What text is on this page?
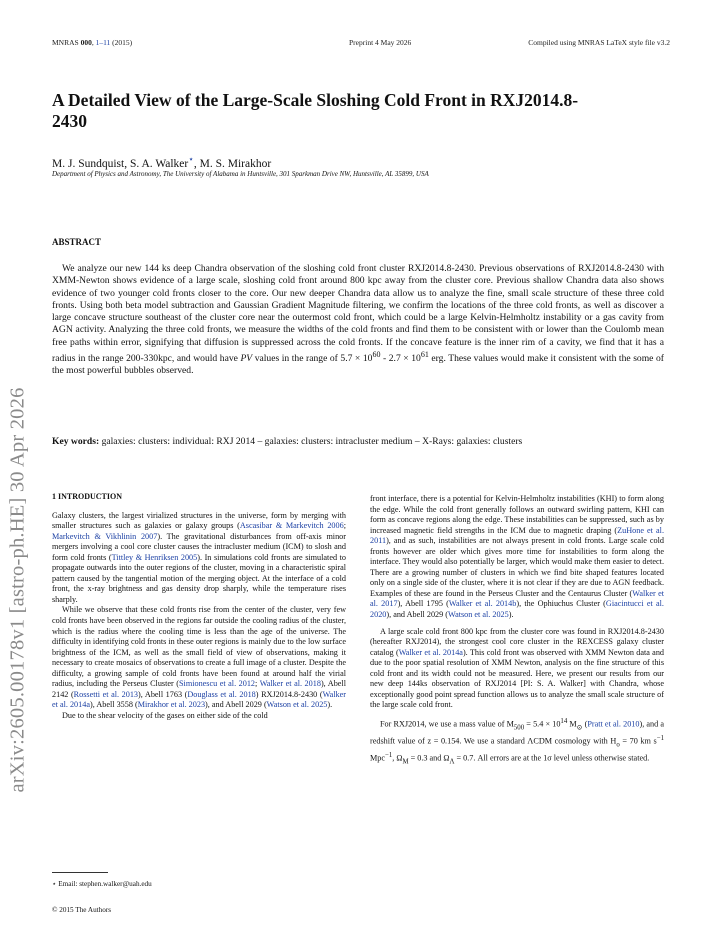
MNRAS 000, 1–11 (2015)	Preprint 4 May 2026	Compiled using MNRAS LaTeX style file v3.2
arXiv:2605.00178v1 [astro-ph.HE] 30 Apr 2026
A Detailed View of the Large-Scale Sloshing Cold Front in RXJ2014.8-2430
M. J. Sundquist, S. A. Walker⋆, M. S. Mirakhor
Department of Physics and Astronomy, The University of Alabama in Huntsville, 301 Sparkman Drive NW, Huntsville, AL 35899, USA
ABSTRACT

We analyze our new 144 ks deep Chandra observation of the sloshing cold front cluster RXJ2014.8-2430. Previous observations of RXJ2014.8-2430 with XMM-Newton shows evidence of a large scale, sloshing cold front around 800 kpc away from the cluster core. Previous shallow Chandra data also shows evidence of two younger cold fronts closer to the core. Our new deeper Chandra data allow us to analyze the fine, small scale structure of these three cold fronts. Using both beta model subtraction and Gaussian Gradient Magnitude filtering, we confirm the locations of the three cold fronts, as well as discover a large concave structure southeast of the cluster core near the outermost cold front, which could be a large Kelvin-Helmholtz instability or a gas cavity from AGN activity. Analyzing the three cold fronts, we measure the widths of the cold fronts and find them to be consistent with or lower than the Coulomb mean free paths within error, signifying that diffusion is suppressed across the cold fronts. If the concave feature is the inner rim of a cavity, we find that it has a radius in the range 200-330kpc, and would have PV values in the range of $5.7 \times 10^{60} - 2.7 \times 10^{61}$ erg. These values would make it consistent with the some of the most powerful bubbles observed.

Key words: galaxies: clusters: individual: RXJ 2014 – galaxies: clusters: intracluster medium – X-Rays: galaxies: clusters
1 INTRODUCTION

Galaxy clusters, the largest virialized structures in the universe, form by merging with smaller structures such as galaxies or galaxy groups (Ascasibar & Markevitch 2006; Markevitch & Vikhlinin 2007). The gravitational disturbances from off-axis minor mergers involving a cool core cluster causes the intracluster medium (ICM) to slosh and form cold fronts (Tittley & Henriksen 2005). In simulations cold fronts are simulated to propagate outwards into the outer regions of the cluster, moving in a characteristic spiral pattern caused by the tangential motion of the merging object. At the interface of a cold front, the x-ray brightness and gas density drop sharply, while the temperature rises sharply.

While we observe that these cold fronts rise from the center of the cluster, very few cold fronts have been observed in the regions far outside the cooling radius of the cluster, which is the radius where the cooling time is less than the age of the universe. The difficulty in identifying cold fronts in these outer regions is mainly due to the low surface brightness of the ICM, as well as the small field of view of observations, making it necessary to create mosaics of observations to create a full image of a cluster. Despite the difficulty, a growing sample of cold fronts have been found at around half the virial radius, including the Perseus Cluster (Simionescu et al. 2012; Walker et al. 2018), Abell 2142 (Rossetti et al. 2013), Abell 1763 (Douglass et al. 2018) RXJ2014.8-2430 (Walker et al. 2014a), Abell 3558 (Mirakhor et al. 2023), and Abell 2029 (Watson et al. 2025).

Due to the shear velocity of the gases on either side of the cold

front interface, there is a potential for Kelvin-Helmholtz instabilities (KHI) to form along the edge. While the cold front generally follows an outward swirling pattern, KHI can form as concave regions along the edge. These instabilities can be suppressed, such as by increased magnetic field strengths in the ICM due to magnetic draping (ZuHone et al. 2011), and as such, instabilities are not always present in cold fronts. Large scale cold fronts however are older which gives more time for instabilities to form along the interface. They would also potentially be larger, which would make them easier to detect. There are a growing number of clusters in which we find bite shaped features located only on a single side of the cluster, where it is not clear if they are due to AGN feedback. Examples of these are found in the Perseus Cluster and the Centaurus Cluster (Walker et al. 2017), Abell 1795 (Walker et al. 2014b), the Ophiuchus Cluster (Giacintucci et al. 2020), and Abell 2029 (Watson et al. 2025).

A large scale cold front 800 kpc from the cluster core was found in RXJ2014.8-2430 (hereafter RXJ2014), the strongest cool core cluster in the REXCESS galaxy cluster catalog (Walker et al. 2014a). This cold front was observed with XMM Newton data and due to the poor spatial resolution of XMM Newton, analysis on the fine structure of this cold front and its width could not be measured. Here, we present our results from our new deep 144ks observation of RXJ2014 [PI: S. A. Walker] with Chandra, whose exceptionally good point spread function allows us to analyze the small scale structure of the large scale cold front.

For RXJ2014, we use a mass value of $M_{500} = 5.4 \times 10^{14}$ $M_⊙$ (Pratt et al. 2010), and a redshift value of z = 0.154. We use a standard ΛCDM cosmology with $H_o = 70$ km $s^{-1}$ Mpc$^{-1}$, $\Omega_M = 0.3$ and $\Omega_\Lambda = 0.7$. All errors are at the 1σ level unless otherwise stated.

⋆ Email: stephen.walker@uah.edu
© 2015 The Authors
